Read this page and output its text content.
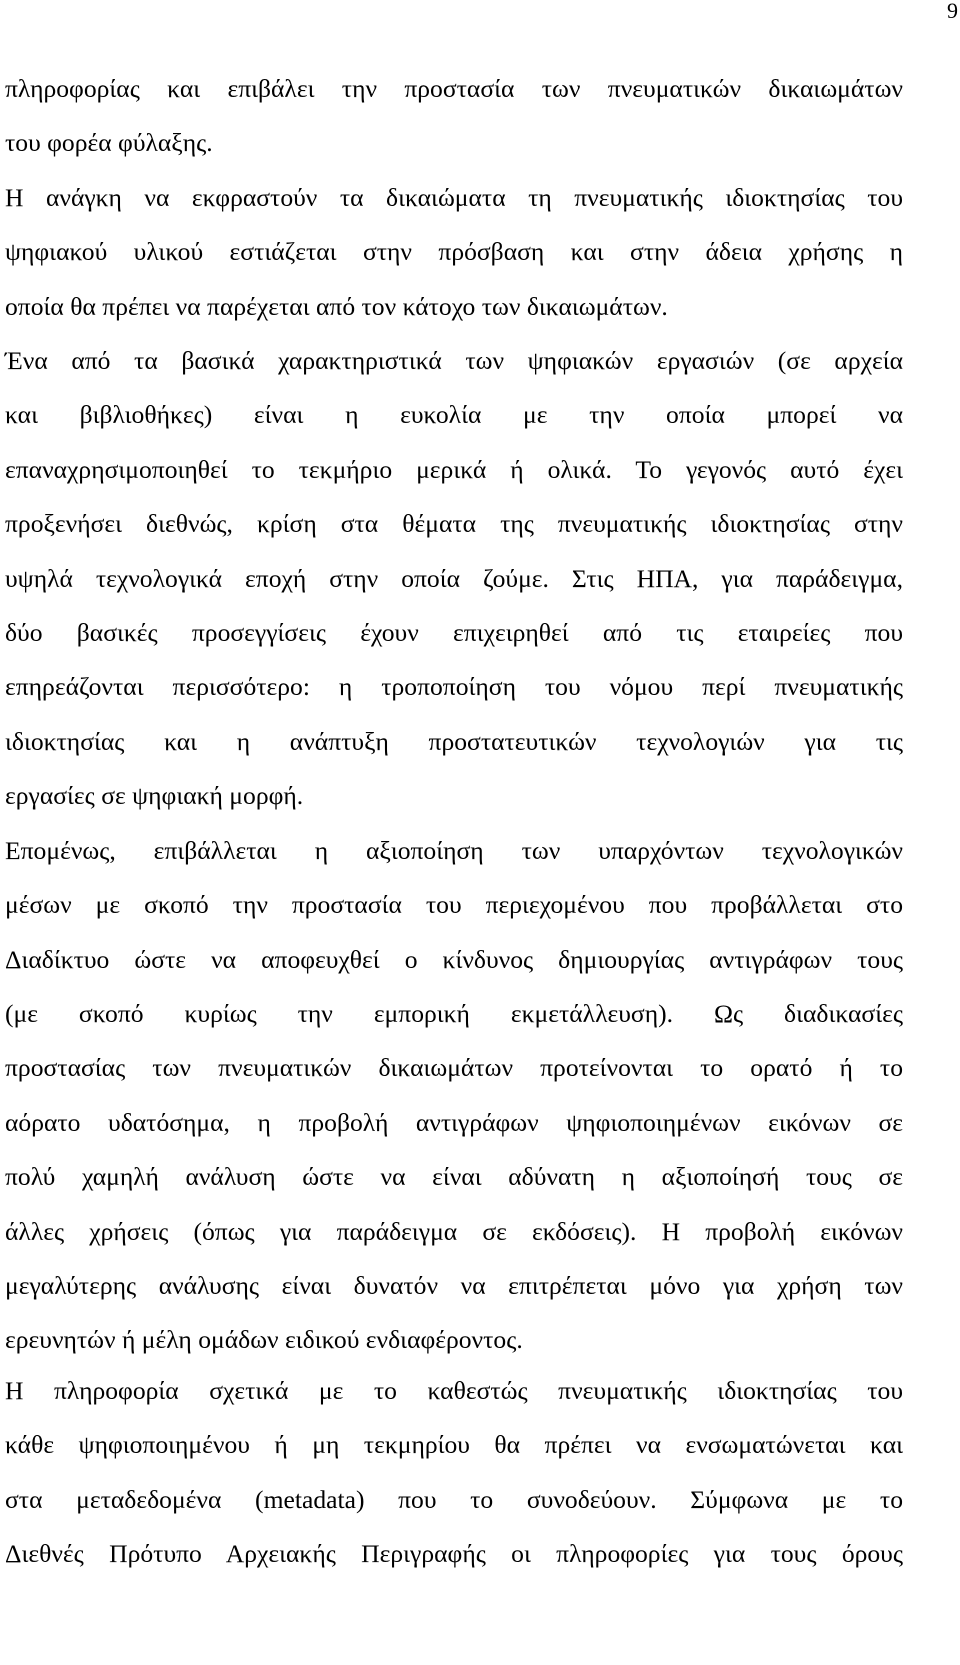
9
πληροφορίας και επιβάλει την προστασία των πνευματικών δικαιωμάτων
του φορέα φύλαξης.
Η ανάγκη να εκφραστούν τα δικαιώματα τη πνευματικής ιδιοκτησίας του
ψηφιακού υλικού εστιάζεται στην πρόσβαση και στην άδεια χρήσης η
οποία θα πρέπει να παρέχεται από τον κάτοχο των δικαιωμάτων.
Ένα από τα βασικά χαρακτηριστικά των ψηφιακών εργασιών (σε αρχεία
και βιβλιοθήκες) είναι η ευκολία με την οποία μπορεί να
επαναχρησιμοποιηθεί το τεκμήριο μερικά ή ολικά. Το γεγονός αυτό έχει
προξενήσει διεθνώς, κρίση στα θέματα της πνευματικής ιδιοκτησίας στην
υψηλά τεχνολογικά εποχή στην οποία ζούμε. Στις ΗΠΑ, για παράδειγμα,
δύο βασικές προσεγγίσεις έχουν επιχειρηθεί από τις εταιρείες που
επηρεάζονται περισσότερο: η τροποποίηση του νόμου περί πνευματικής
ιδιοκτησίας και η ανάπτυξη προστατευτικών τεχνολογιών για τις
εργασίες σε ψηφιακή μορφή.
Επομένως, επιβάλλεται η αξιοποίηση των υπαρχόντων τεχνολογικών
μέσων με σκοπό την προστασία του περιεχομένου που προβάλλεται στο
Διαδίκτυο ώστε να αποφευχθεί ο κίνδυνος δημιουργίας αντιγράφων τους
(με σκοπό κυρίως την εμπορική εκμετάλλευση). Ως διαδικασίες
προστασίας των πνευματικών δικαιωμάτων προτείνονται το ορατό ή το
αόρατο υδατόσημα, η προβολή αντιγράφων ψηφιοποιημένων εικόνων σε
πολύ χαμηλή ανάλυση ώστε να είναι αδύνατη η αξιοποίησή τους σε
άλλες χρήσεις (όπως για παράδειγμα σε εκδόσεις). Η προβολή εικόνων
μεγαλύτερης ανάλυσης είναι δυνατόν να επιτρέπεται μόνο για χρήση των
ερευνητών ή μέλη ομάδων ειδικού ενδιαφέροντος.
Η πληροφορία σχετικά με το καθεστώς πνευματικής ιδιοκτησίας του
κάθε ψηφιοποιημένου ή μη τεκμηρίου θα πρέπει να ενσωματώνεται και
στα μεταδεδομένα (metadata) που το συνοδεύουν. Σύμφωνα με το
Διεθνές Πρότυπο Αρχειακής Περιγραφής οι πληροφορίες για τους όρους
